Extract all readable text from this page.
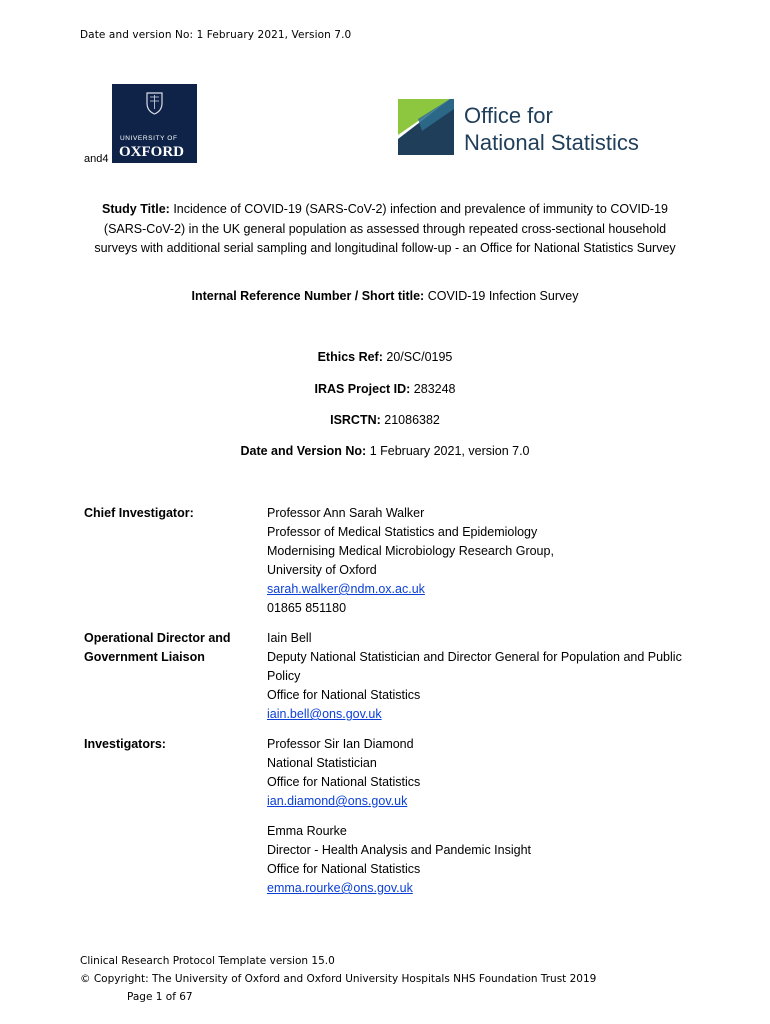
Date and version No: 1 February 2021, Version 7.0
UNIVERSITY OF
OXFORD
and4
Office for
National Statistics
Study Title: Incidence of COVID-19 (SARS-CoV-2) infection and prevalence of immunity to COVID-19 (SARS-CoV-2) in the UK general population as assessed through repeated cross-sectional household surveys with additional serial sampling and longitudinal follow-up - an Office for National Statistics Survey
Internal Reference Number / Short title: COVID-19 Infection Survey
Ethics Ref: 20/SC/0195
IRAS Project ID: 283248
ISRCTN: 21086382
Date and Version No: 1 February 2021, version 7.0
Chief Investigator:	Professor Ann Sarah Walker
Professor of Medical Statistics and Epidemiology
Modernising Medical Microbiology Research Group,
University of Oxford
sarah.walker@ndm.ox.ac.uk
01865 851180
Operational Director and
Government Liaison
Iain Bell
Deputy National Statistician and Director General for Population and Public Policy
Office for National Statistics
iain.bell@ons.gov.uk
Investigators:	Professor Sir Ian Diamond
National Statistician
Office for National Statistics
ian.diamond@ons.gov.uk
Emma Rourke
Director - Health Analysis and Pandemic Insight
Office for National Statistics
emma.rourke@ons.gov.uk
Clinical Research Protocol Template version 15.0
© Copyright: The University of Oxford and Oxford University Hospitals NHS Foundation Trust 2019
Page 1 of 67
